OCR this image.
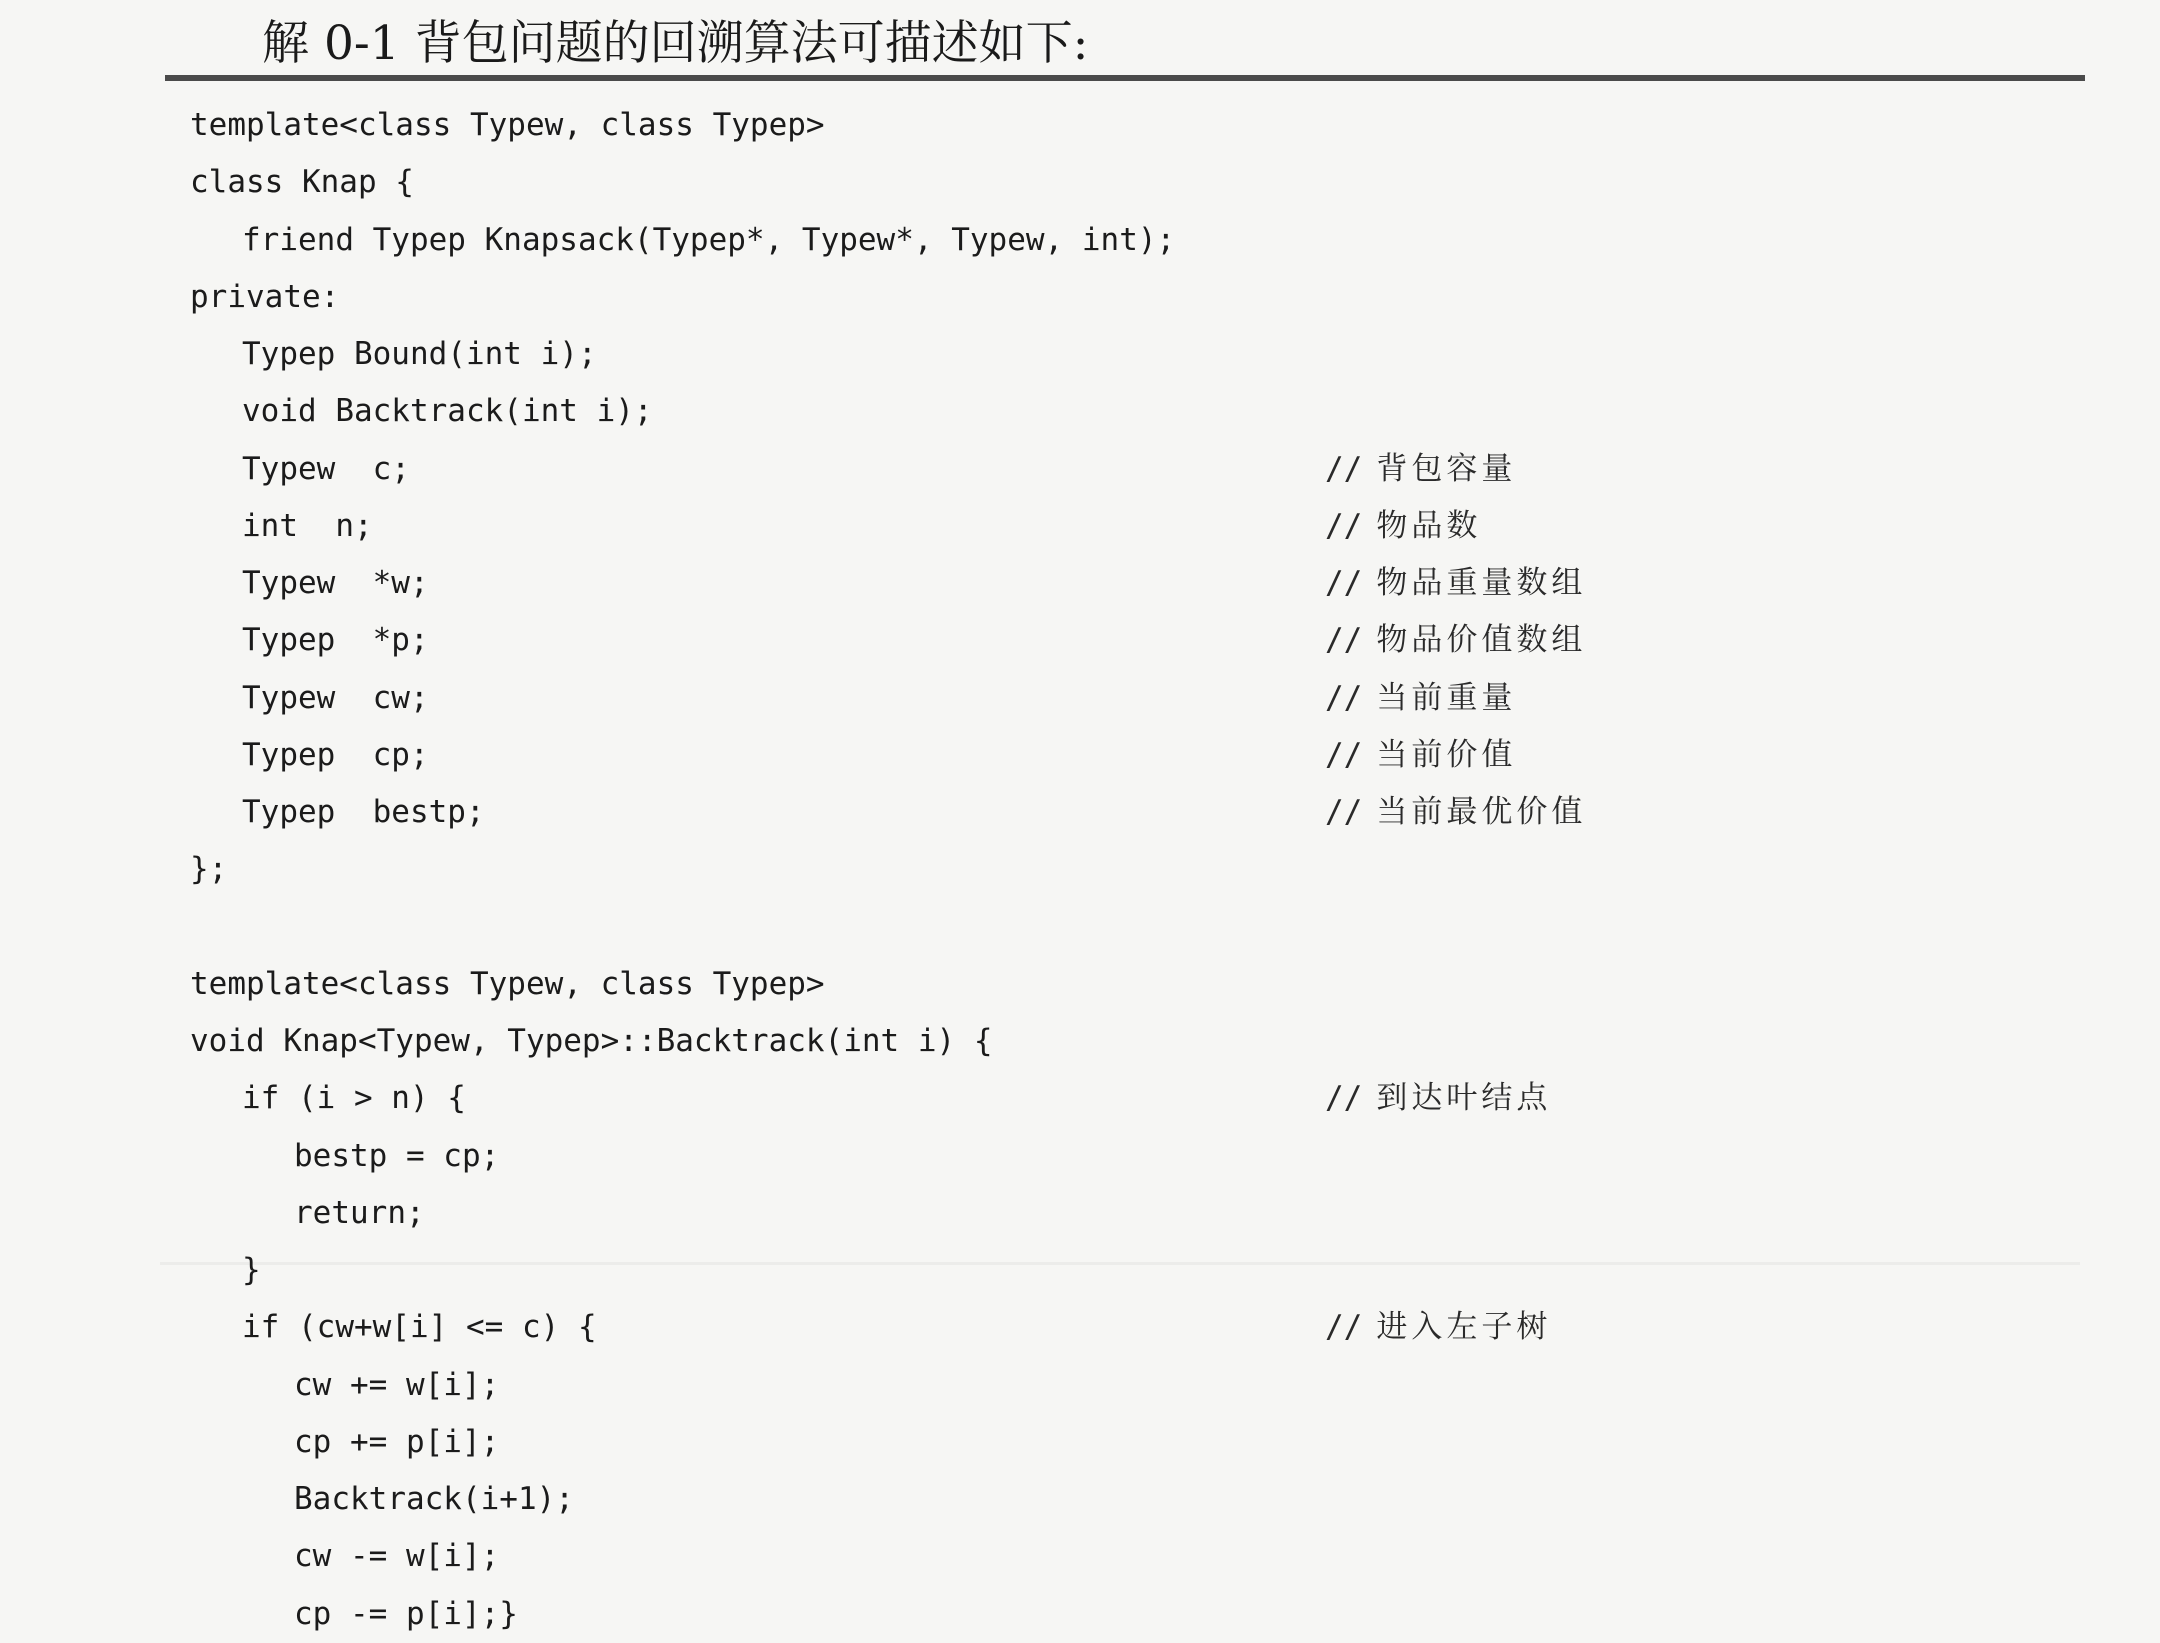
解 0-1 背包问题的回溯算法可描述如下:
template<class Typew, class Typep>
class Knap {
friend Typep Knapsack(Typep*, Typew*, Typew, int);
private:
Typep Bound(int i);
void Backtrack(int i);
Typew  c;	// 背包容量
int  n;	// 物品数
Typew  *w;	// 物品重量数组
Typep  *p;	// 物品价值数组
Typew  cw;	// 当前重量
Typep  cp;	// 当前价值
Typep  bestp;	// 当前最优价值
};
template<class Typew, class Typep>
void Knap<Typew, Typep>::Backtrack(int i) {
if (i > n) {	// 到达叶结点
bestp = cp;
return;
}
if (cw+w[i] <= c) {	// 进入左子树
cw += w[i];
cp += p[i];
Backtrack(i+1);
cw -= w[i];
cp -= p[i];}
